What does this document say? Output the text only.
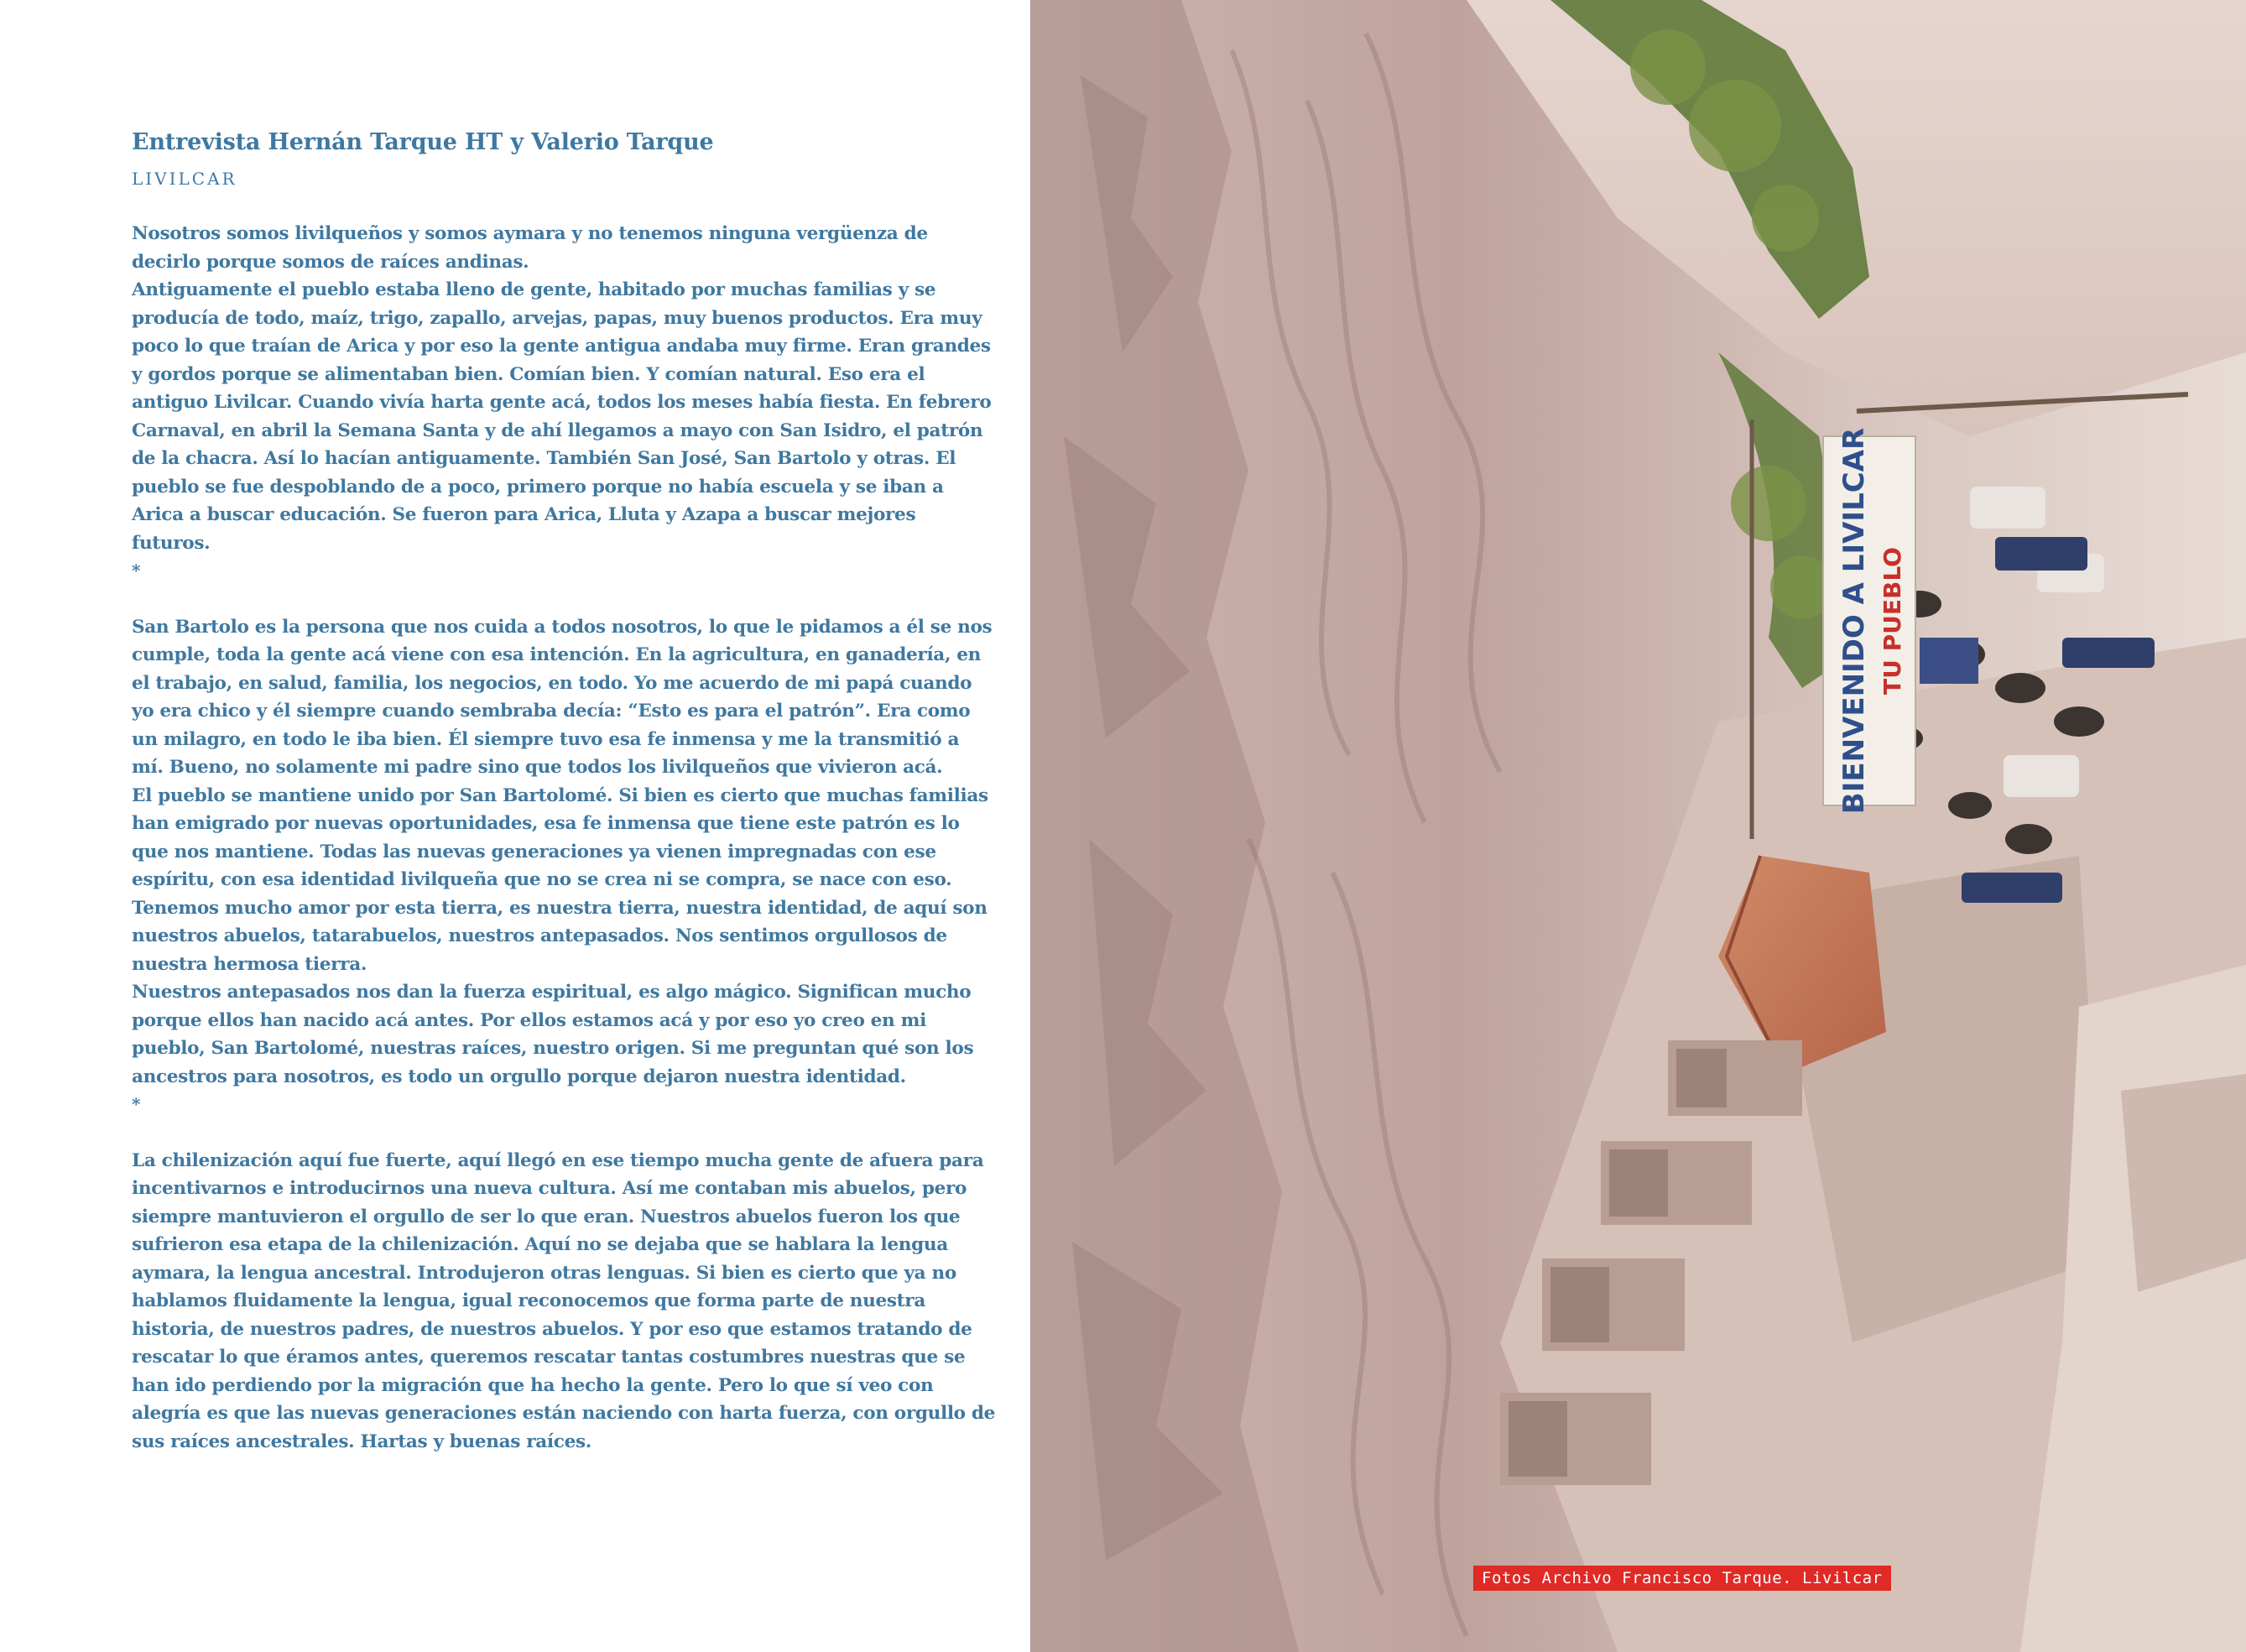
Entrevista Hernán Tarque HT y Valerio Tarque
LIVILCAR

Nosotros somos livilqueños y somos aymara y no tenemos ninguna vergüenza de decirlo porque somos de raíces andinas.

Antiguamente el pueblo estaba lleno de gente, habitado por muchas familias y se producía de todo, maíz, trigo, zapallo, arvejas, papas, muy buenos productos. Era muy poco lo que traían de Arica y por eso la gente antigua andaba muy firme. Eran grandes y gordos porque se alimentaban bien. Comían bien. Y comían natural. Eso era el antiguo Livilcar. Cuando vivía harta gente acá, todos los meses había fiesta. En febrero Carnaval, en abril la Semana Santa y de ahí llegamos a mayo con San Isidro, el patrón de la chacra. Así lo hacían antiguamente. También San José, San Bartolo y otras. El pueblo se fue despoblando de a poco, primero porque no había escuela y se iban a Arica a buscar educación. Se fueron para Arica, Lluta y Azapa a buscar mejores futuros.

*

San Bartolo es la persona que nos cuida a todos nosotros, lo que le pidamos a él se nos cumple, toda la gente acá viene con esa intención. En la agricultura, en ganadería, en el trabajo, en salud, familia, los negocios, en todo. Yo me acuerdo de mi papá cuando yo era chico y él siempre cuando sembraba decía: “Esto es para el patrón”. Era como un milagro, en todo le iba bien. Él siempre tuvo esa fe inmensa y me la transmitió a mí. Bueno, no solamente mi padre sino que todos los livilqueños que vivieron acá.

El pueblo se mantiene unido por San Bartolomé. Si bien es cierto que muchas familias han emigrado por nuevas oportunidades, esa fe inmensa que tiene este patrón es lo que nos mantiene. Todas las nuevas generaciones ya vienen impregnadas con ese espíritu, con esa identidad livilqueña que no se crea ni se compra, se nace con eso. Tenemos mucho amor por esta tierra, es nuestra tierra, nuestra identidad, de aquí son nuestros abuelos, tatarabuelos, nuestros antepasados. Nos sentimos orgullosos de nuestra hermosa tierra.

Nuestros antepasados nos dan la fuerza espiritual, es algo mágico. Significan mucho porque ellos han nacido acá antes. Por ellos estamos acá y por eso yo creo en mi pueblo, San Bartolomé, nuestras raíces, nuestro origen. Si me preguntan qué son los ancestros para nosotros, es todo un orgullo porque dejaron nuestra identidad.

*

La chilenización aquí fue fuerte, aquí llegó en ese tiempo mucha gente de afuera para incentivarnos e introducirnos una nueva cultura. Así me contaban mis abuelos, pero siempre mantuvieron el orgullo de ser lo que eran. Nuestros abuelos fueron los que sufrieron esa etapa de la chilenización. Aquí no se dejaba que se hablara la lengua aymara, la lengua ancestral. Introdujeron otras lenguas. Si bien es cierto que ya no hablamos fluidamente la lengua, igual reconocemos que forma parte de nuestra historia, de nuestros padres, de nuestros abuelos. Y por eso que estamos tratando de rescatar lo que éramos antes, queremos rescatar tantas costumbres nuestras que se han ido perdiendo por la migración que ha hecho la gente. Pero lo que sí veo con alegría es que las nuevas generaciones están naciendo con harta fuerza, con orgullo de sus raíces ancestrales. Hartas y buenas raíces.

BIENVENIDO A LIVILCAR TU PUEBLO
Fotos Archivo Francisco Tarque. Livilcar
